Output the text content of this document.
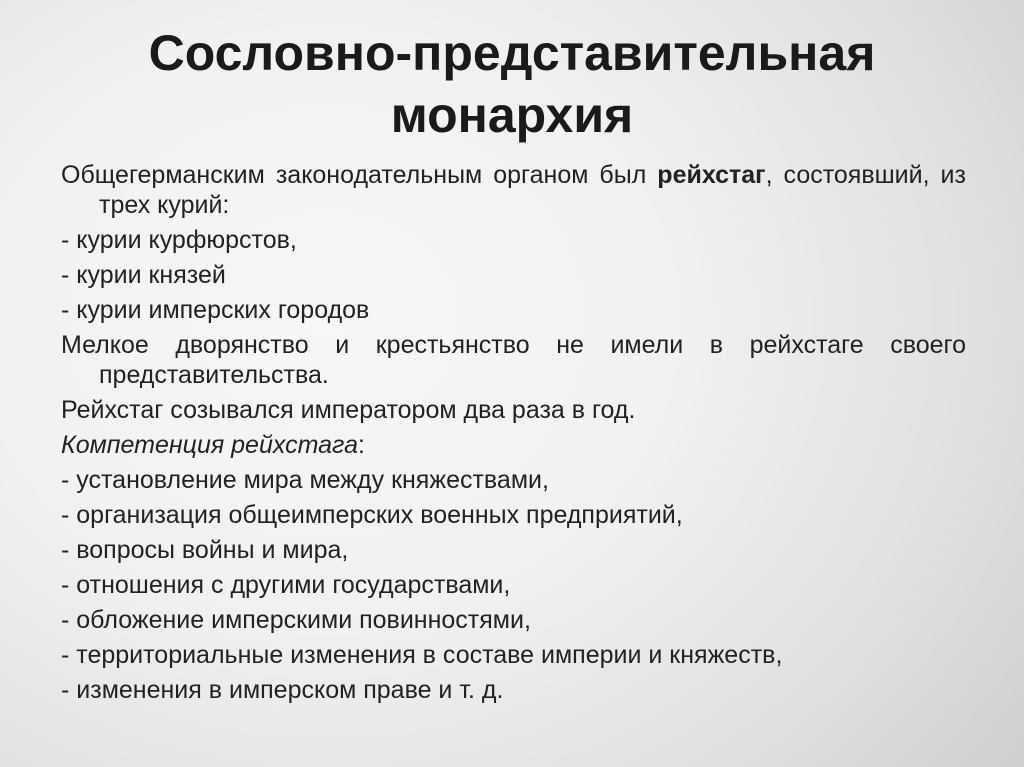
Сословно-представительная
монархия

Общегерманским законодательным органом был рейхстаг, состоявший, из трех курий:

- курии курфюрстов,

- курии князей

- курии имперских городов

Мелкое дворянство и крестьянство не имели в рейхстаге своего представительства.

Рейхстаг созывался императором два раза в год.

Компетенция рейхстага:

- установление мира между княжествами,

- организация общеимперских военных предприятий,

- вопросы войны и мира,

- отношения с другими государствами,

- обложение имперскими повинностями,

- территориальные изменения в составе империи и княжеств,

- изменения в имперском праве и т. д.
